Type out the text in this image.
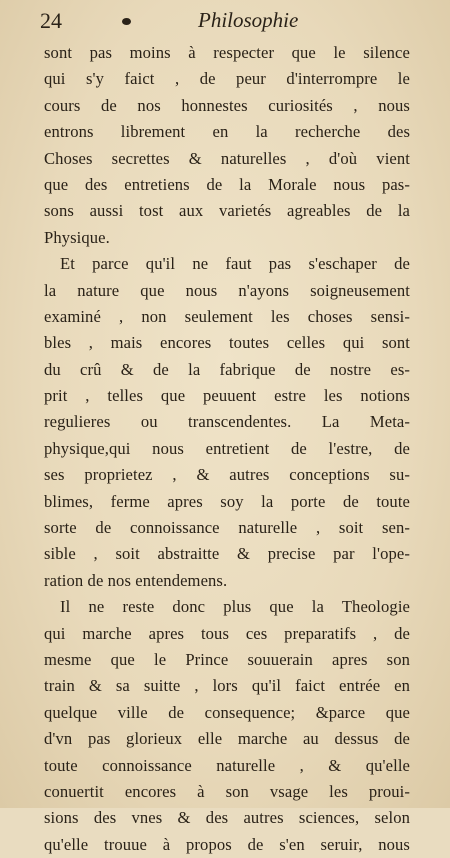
24	Philosophie
sont pas moins à respecter que le silence
qui s'y faict , de peur d'interrompre le
cours de nos honnestes curiosités , nous
entrons librement en la recherche des
Choses secrettes & naturelles , d'où vient
que des entretiens de la Morale nous pas-
sons aussi tost aux varietés agreables de la
Physique.
Et parce qu'il ne faut pas s'eschaper de
la nature que nous n'ayons soigneusement
examiné , non seulement les choses sensi-
bles , mais encores toutes celles qui sont
du crû & de la fabrique de nostre es-
prit , telles que peuuent estre les notions
regulieres ou transcendentes. La Meta-
physique,qui nous entretient de l'estre, de
ses proprietez , & autres conceptions su-
blimes, ferme apres soy la porte de toute
sorte de connoissance naturelle , soit sen-
sible , soit abstraitte & precise par l'ope-
ration de nos entendemens.
Il ne reste donc plus que la Theologie
qui marche apres tous ces preparatifs , de
mesme que le Prince souuerain apres son
train & sa suitte , lors qu'il faict entrée en
quelque ville de consequence; &parce que
d'vn pas glorieux elle marche au dessus de
toute connoissance naturelle , & qu'elle
conuertit encores à son vsage les proui-
sions des vnes & des autres sciences, selon
qu'elle trouue à propos de s'en seruir, nous
